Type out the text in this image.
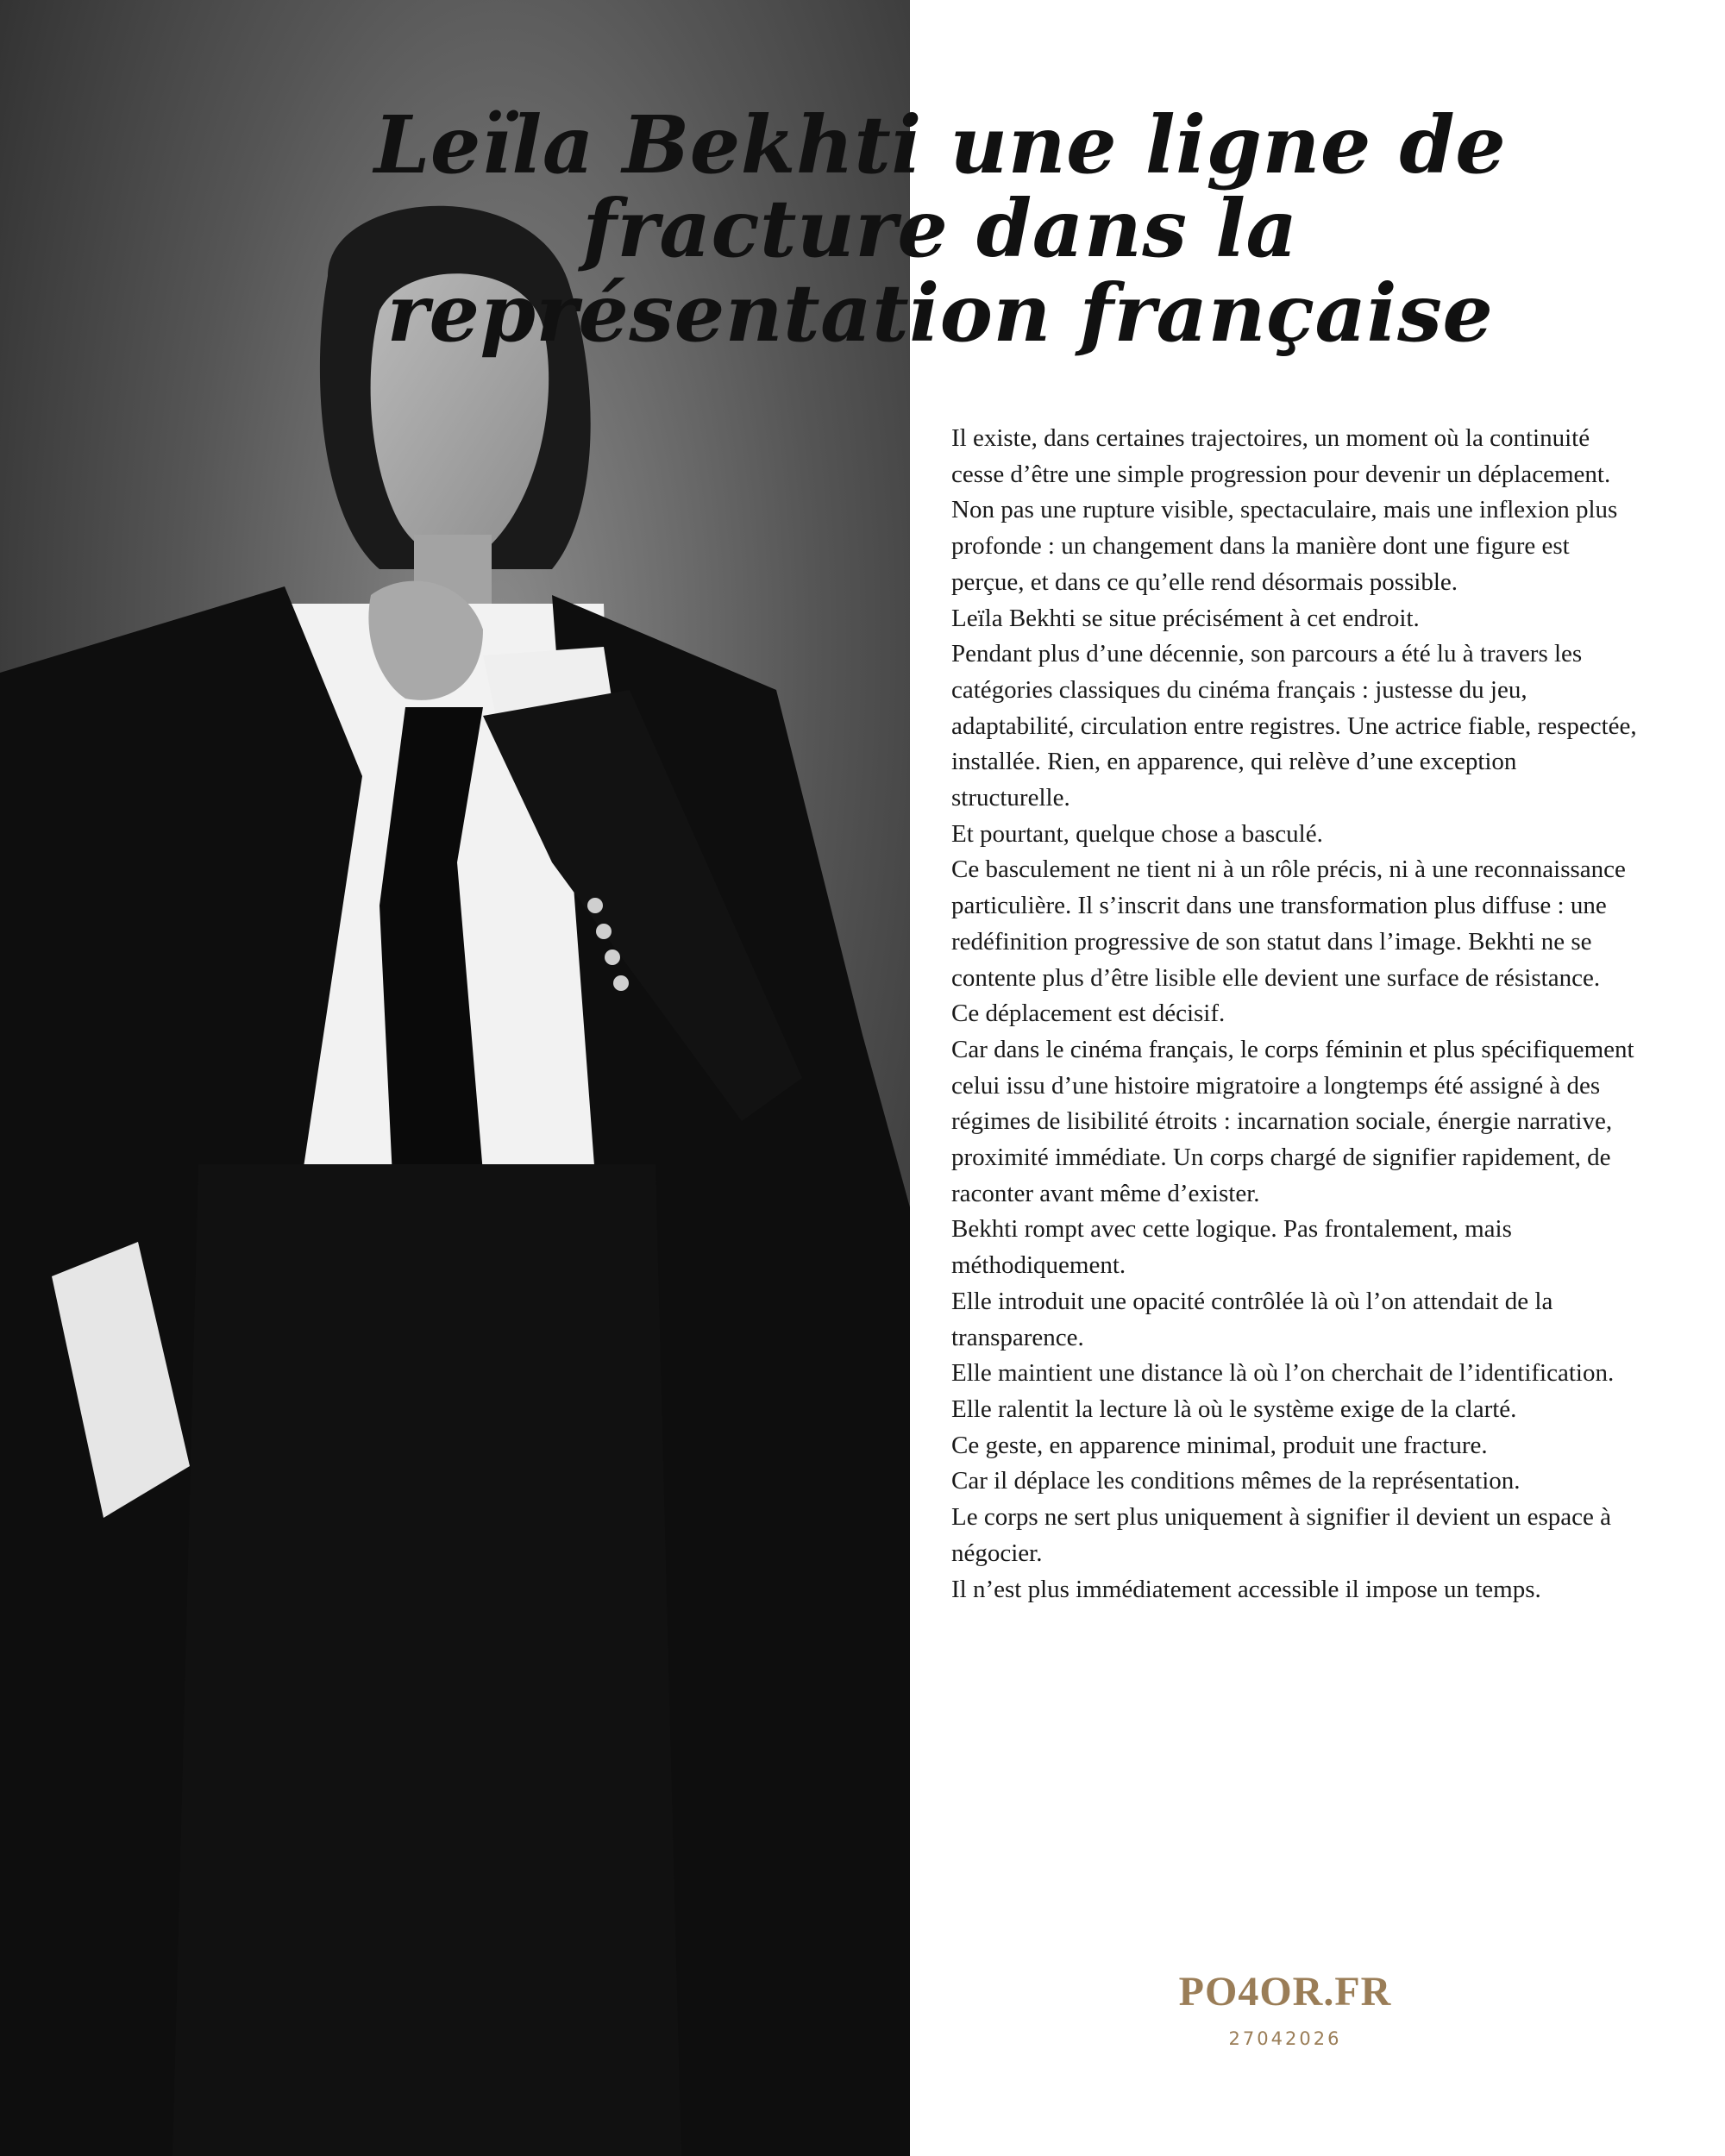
Leïla Bekhti une ligne de fracture dans la représentation française

Il existe, dans certaines trajectoires, un moment où la continuité cesse d’être une simple progression pour devenir un déplacement. Non pas une rupture visible, spectaculaire, mais une inflexion plus profonde : un changement dans la manière dont une figure est perçue, et dans ce qu’elle rend désormais possible.

Leïla Bekhti se situe précisément à cet endroit.

Pendant plus d’une décennie, son parcours a été lu à travers les catégories classiques du cinéma français : justesse du jeu, adaptabilité, circulation entre registres. Une actrice fiable, respectée, installée. Rien, en apparence, qui relève d’une exception structurelle.

Et pourtant, quelque chose a basculé.

Ce basculement ne tient ni à un rôle précis, ni à une reconnaissance particulière. Il s’inscrit dans une transformation plus diffuse : une redéfinition progressive de son statut dans l’image. Bekhti ne se contente plus d’être lisible elle devient une surface de résistance.

Ce déplacement est décisif.

Car dans le cinéma français, le corps féminin et plus spécifiquement celui issu d’une histoire migratoire a longtemps été assigné à des régimes de lisibilité étroits : incarnation sociale, énergie narrative, proximité immédiate. Un corps chargé de signifier rapidement, de raconter avant même d’exister.

Bekhti rompt avec cette logique. Pas frontalement, mais méthodiquement.

Elle introduit une opacité contrôlée là où l’on attendait de la transparence.

Elle maintient une distance là où l’on cherchait de l’identification.

Elle ralentit la lecture là où le système exige de la clarté.

Ce geste, en apparence minimal, produit une fracture.

Car il déplace les conditions mêmes de la représentation.

Le corps ne sert plus uniquement à signifier il devient un espace à négocier.

Il n’est plus immédiatement accessible il impose un temps.

PO4OR.FR
27042026
